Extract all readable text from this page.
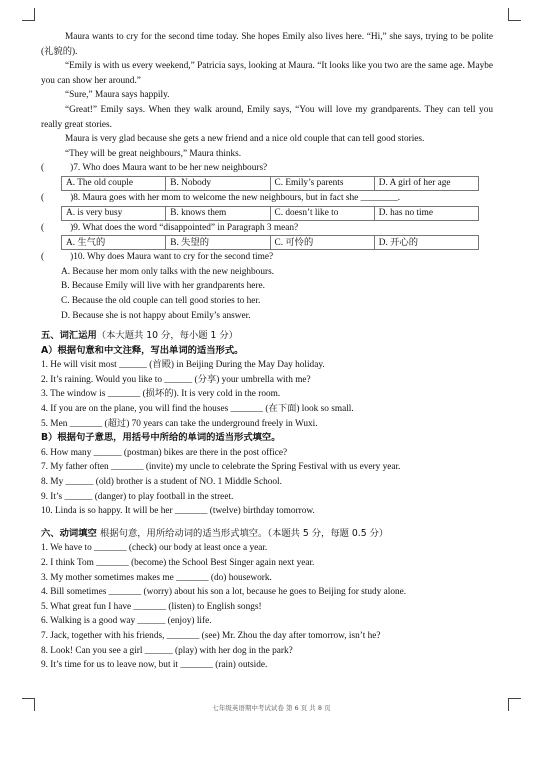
Maura wants to cry for the second time today. She hopes Emily also lives here. “Hi,” she says, trying to be polite (礼貌的).

“Emily is with us every weekend,” Patricia says, looking at Maura. “It looks like you two are the same age. Maybe you can show her around.”

“Sure,” Maura says happily.

“Great!” Emily says. When they walk around, Emily says, “You will love my grandparents. They can tell you really great stories.

Maura is very glad because she gets a new friend and a nice old couple that can tell good stories.

“They will be great neighbours,” Maura thinks.

(	)7. Who does Maura want to be her new neighbours?

A. The old couple	B. Nobody	C. Emily’s parents	D. A girl of her age

(	)8. Maura goes with her mom to welcome the new neighbours, but in fact she ________.

A. is very busy	B. knows them	C. doesn’t like to	D. has no time

(	)9. What does the word “disappointed” in Paragraph 3 mean?

A. 生气的	B. 失望的	C. 可怜的	D. 开心的

(	)10. Why does Maura want to cry for the second time?

A. Because her mom only talks with the new neighbours.
B. Because Emily will live with her grandparents here.
C. Because the old couple can tell good stories to her.
D. Because she is not happy about Emily’s answer.

五、词汇运用（本大题共 10 分，每小题 1 分）

A）根据句意和中文注释，写出单词的适当形式。

1. He will visit most ______ (首殿) in Beijing During the May Day holiday.

2. It’s raining. Would you like to ______ (分享) your umbrella with me?

3. The window is _______ (损坏的). It is very cold in the room.

4. If you are on the plane, you will find the houses _______ (在下面) look so small.

5. Men _______ (超过) 70 years can take the underground freely in Wuxi.

B）根据句子意思，用括号中所给的单词的适当形式填空。

6. How many ______ (postman) bikes are there in the post office?

7. My father often _______ (invite) my uncle to celebrate the Spring Festival with us every year.

8. My ______ (old) brother is a student of NO. 1 Middle School.

9. It’s ______ (danger) to play football in the street.

10. Linda is so happy. It will be her _______ (twelve) birthday tomorrow.

六、动词填空 根据句意，用所给动词的适当形式填空。（本题共 5 分，每题 0.5 分）

1. We have to _______ (check) our body at least once a year.

2. I think Tom _______ (become) the School Best Singer again next year.

3. My mother sometimes makes me _______ (do) housework.

4. Bill sometimes _______ (worry) about his son a lot, because he goes to Beijing for study alone.

5. What great fun I have _______ (listen) to English songs!

6. Walking is a good way ______ (enjoy) life.

7. Jack, together with his friends, _______ (see) Mr. Zhou the day after tomorrow, isn’t he?

8. Look! Can you see a girl ______ (play) with her dog in the park?

9. It’s time for us to leave now, but it _______ (rain) outside.

七年级英语期中考试试卷 第 6 页 共 8 页
